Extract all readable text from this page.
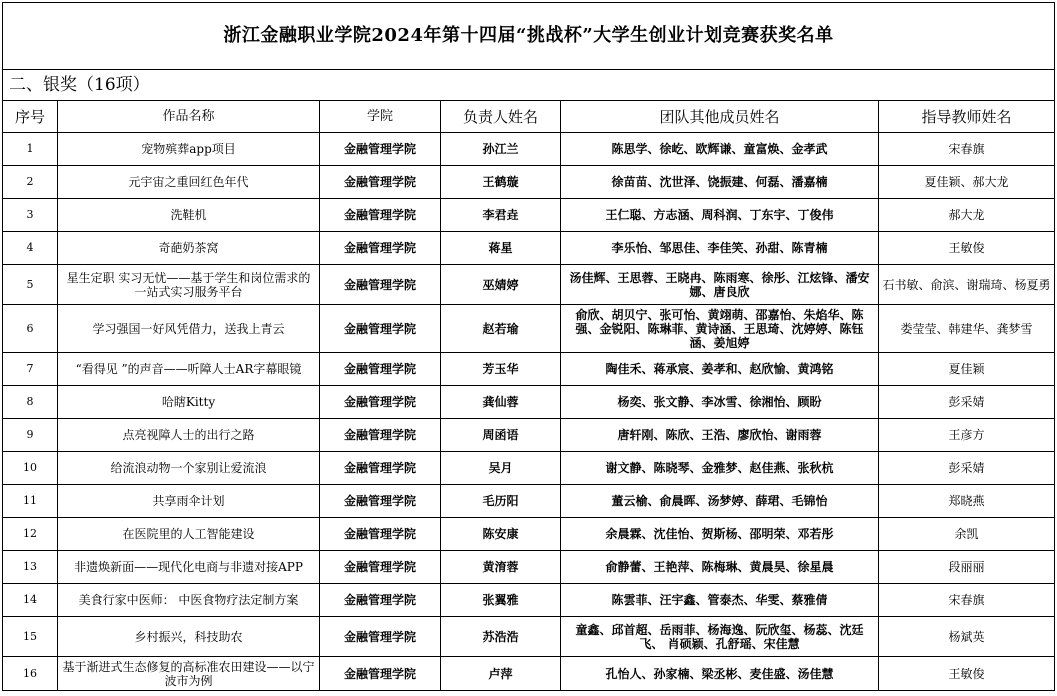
浙江金融职业学院2024年第十四届“挑战杯”大学生创业计划竞赛获奖名单					
二、银奖（16项）					
序号	作品名称	学院	负责人姓名	团队其他成员姓名	指导教师姓名
1	宠物殡葬app项目	金融管理学院	孙江兰	陈思学、徐屹、欧辉谦、童富焕、金孝武	宋春旗
2	元宇宙之重回红色年代	金融管理学院	王鹤璇	徐苗苗、沈世泽、饶振建、何磊、潘嘉楠	夏佳颖、郝大龙
3	洗鞋机	金融管理学院	李君垚	王仁聪、方志涵、周科润、丁东宇、丁俊伟	郝大龙
4	奇葩奶茶窝	金融管理学院	蒋星	李乐怡、邹思佳、李佳笑、孙甜、陈青楠	王敏俊
5	星生定职 实习无忧——基于学生和岗位需求的一站式实习服务平台	金融管理学院	巫婧婷	汤佳辉、王思蓉、王晓冉、陈雨寒、徐彤、江炫锋、潘安娜、唐良欣	石书敏、俞滨、谢瑞琦、杨夏勇
6	学习强国一好风凭借力，送我上青云	金融管理学院	赵若瑜	俞欣、胡贝宁、张可怡、黄翊萌、邵嘉怡、朱焰华、陈强、金锐阳、陈琳菲、黄诗涵、王思琦、沈婷婷、陈钰涵、姜旭婷	娄莹莹、韩建华、龚梦雪
7	“看得见 ”的声音——听障人士AR字幕眼镜	金融管理学院	芳玉华	陶佳禾、蒋承宸、姜孝和、赵欣愉、黄鸿铭	夏佳颖
8	哈瞎Kitty	金融管理学院	龚仙蓉	杨奕、张文静、李冰雪、徐湘怡、顾盼	彭采婧
9	点亮视障人士的出行之路	金融管理学院	周函语	唐轩刚、陈欣、王浩、廖欣怡、谢雨蓉	王彦方
10	给流浪动物一个家别让爱流浪	金融管理学院	吴月	谢文静、陈晓琴、金雅梦、赵佳燕、张秋杭	彭采婧
11	共享雨伞计划	金融管理学院	毛历阳	董云榆、俞晨晖、汤梦婷、薛珺、毛锦怡	郑晓燕
12	在医院里的人工智能建设	金融管理学院	陈安康	余晨霖、沈佳怡、贺斯杨、邵明荣、邓若彤	余凯
13	非遗焕新面——现代化电商与非遗对接APP	金融管理学院	黄淯蓉	俞静蕾、王艳萍、陈梅琳、黄晨昊、徐星晨	段丽丽
14	美食行家中医师： 中医食物疗法定制方案	金融管理学院	张翼雅	陈雲菲、汪宇鑫、管泰杰、华雯、蔡雅倩	宋春旗
15	乡村振兴，科技助农	金融管理学院	苏浩浩	童鑫、邱首超、岳雨菲、杨海逸、阮欣玺、杨蕊、沈廷飞、 肖硕颖、孔舒瑶、宋佳慧	杨斌英
16	基于渐进式生态修复的高标准农田建设——以宁波市为例	金融管理学院	卢萍	孔怡人、孙家楠、梁丞彬、麦佳盛、汤佳慧	王敏俊
